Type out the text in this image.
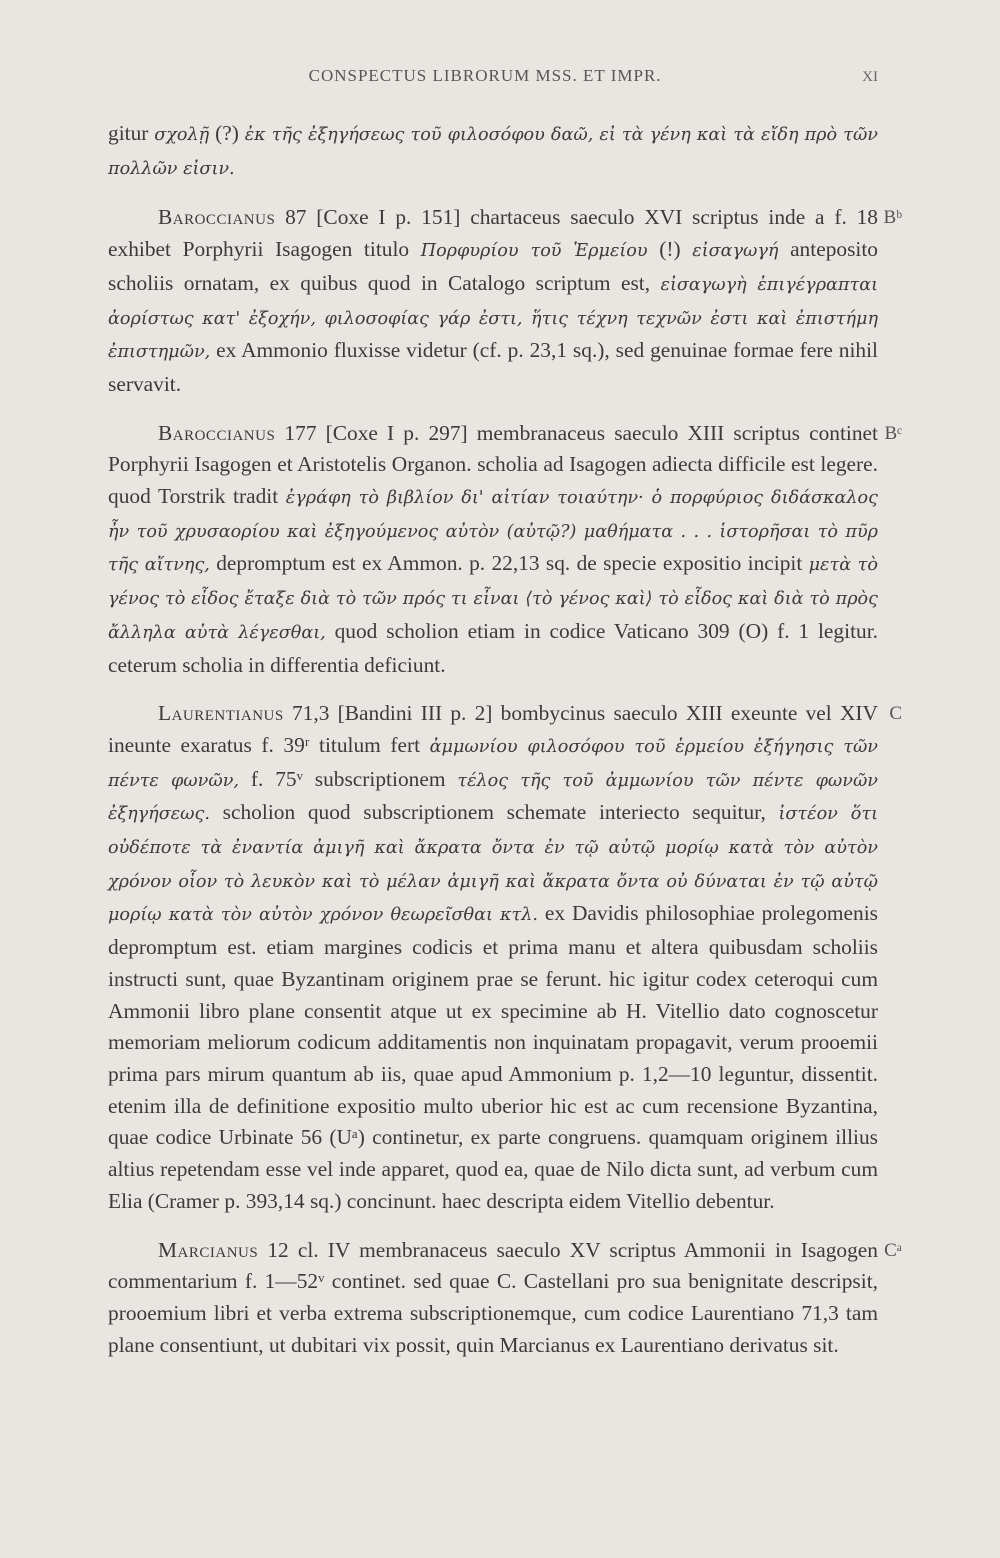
CONSPECTUS LIBRORUM MSS. ET IMPR.	XI

gitur σχολῇ (?) ἐκ τῆς ἐξηγήσεως τοῦ φιλοσόφου δαῶ, εἰ τὰ γένη καὶ τὰ εἴδη πρὸ τῶν πολλῶν εἰσιν.

Baroccianus 87 [Coxe I p. 151] chartaceus saeculo XVI scriptus inde a f. 18 exhibet Porphyrii Isagogen titulo Πορφυρίου τοῦ Ἑρμείου (!) εἰσαγωγή anteposito scholiis ornatam, ex quibus quod in Catalogo scriptum est, εἰσαγωγὴ ἐπιγέγραπται ἀορίστως κατ' ἐξοχήν, φιλοσοφίας γάρ ἐστι, ἥτις τέχνη τεχνῶν ἐστι καὶ ἐπιστήμη ἐπιστημῶν, ex Ammonio fluxisse videtur (cf. p. 23,1 sq.), sed genuinae formae fere nihil servavit.
Bᵇ

Baroccianus 177 [Coxe I p. 297] membranaceus saeculo XIII scriptus continet Porphyrii Isagogen et Aristotelis Organon. scholia ad Isagogen adiecta difficile est legere. quod Torstrik tradit ἐγράφη τὸ βιβλίον δι' αἰτίαν τοιαύτην· ὁ πορφύριος διδάσκαλος ἦν τοῦ χρυσαορίου καὶ ἐξηγούμενος αὐτὸν (αὐτῷ?) μαθήματα . . . ἱστορῆσαι τὸ πῦρ τῆς αἴτνης, depromptum est ex Ammon. p. 22,13 sq. de specie expositio incipit μετὰ τὸ γένος τὸ εἶδος ἔταξε διὰ τὸ τῶν πρός τι εἶναι ⟨τὸ γένος καὶ⟩ τὸ εἶδος καὶ διὰ τὸ πρὸς ἄλληλα αὐτὰ λέγεσθαι, quod scholion etiam in codice Vaticano 309 (O) f. 1 legitur. ceterum scholia in differentia deficiunt.
Bᶜ

Laurentianus 71,3 [Bandini III p. 2] bombycinus saeculo XIII exeunte vel XIV ineunte exaratus f. 39ʳ titulum fert ἀμμωνίου φιλοσόφου τοῦ ἑρμείου ἐξήγησις τῶν πέντε φωνῶν, f. 75ᵛ subscriptionem τέλος τῆς τοῦ ἀμμωνίου τῶν πέντε φωνῶν ἐξηγήσεως. scholion quod subscriptionem schemate interiecto sequitur, ἰστέον ὅτι οὐδέποτε τὰ ἐναντία ἀμιγῆ καὶ ἄκρατα ὄντα ἐν τῷ αὐτῷ μορίῳ κατὰ τὸν αὐτὸν χρόνον οἷον τὸ λευκὸν καὶ τὸ μέλαν ἀμιγῆ καὶ ἄκρατα ὄντα οὐ δύναται ἐν τῷ αὐτῷ μορίῳ κατὰ τὸν αὐτὸν χρόνον θεωρεῖσθαι κτλ. ex Davidis philosophiae prolegomenis depromptum est. etiam margines codicis et prima manu et altera quibusdam scholiis instructi sunt, quae Byzantinam originem prae se ferunt. hic igitur codex ceteroqui cum Ammonii libro plane consentit atque ut ex specimine ab H. Vitellio dato cognoscetur memoriam meliorum codicum additamentis non inquinatam propagavit, verum prooemii prima pars mirum quantum ab iis, quae apud Ammonium p. 1,2—10 leguntur, dissentit. etenim illa de definitione expositio multo uberior hic est ac cum recensione Byzantina, quae codice Urbinate 56 (Uᵃ) continetur, ex parte congruens. quamquam originem illius altius repetendam esse vel inde apparet, quod ea, quae de Nilo dicta sunt, ad verbum cum Elia (Cramer p. 393,14 sq.) concinunt. haec descripta eidem Vitellio debentur.
C

Marcianus 12 cl. IV membranaceus saeculo XV scriptus Ammonii in Isagogen commentarium f. 1—52ᵛ continet. sed quae C. Castellani pro sua benignitate descripsit, prooemium libri et verba extrema subscriptionemque, cum codice Laurentiano 71,3 tam plane consentiunt, ut dubitari vix possit, quin Marcianus ex Laurentiano derivatus sit.
Cᵃ
